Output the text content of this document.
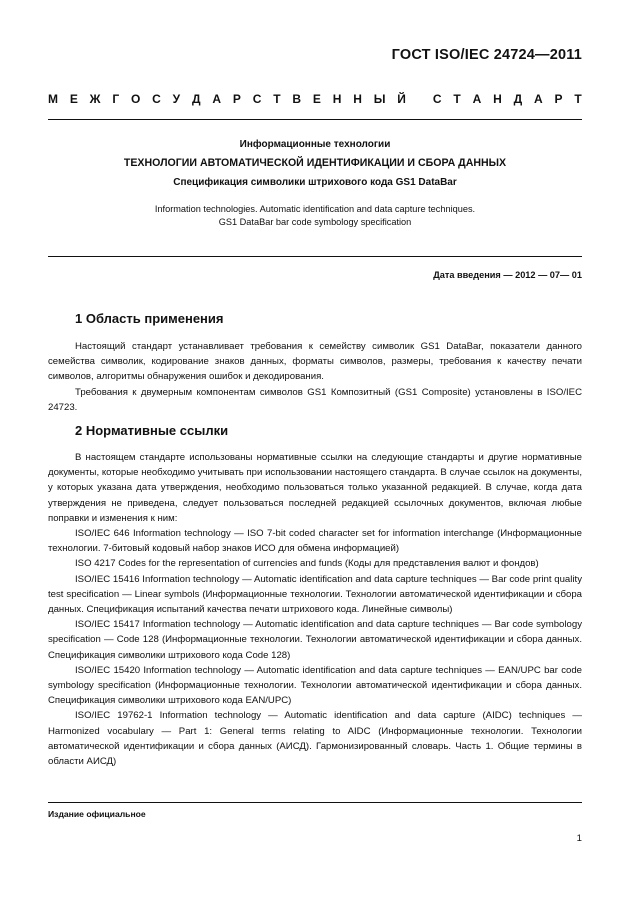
ГОСТ ISO/IEC 24724—2011
М Е Ж Г О С У Д А Р С Т В Е Н Н Ы Й
С Т А Н Д А Р Т
Информационные технологии
ТЕХНОЛОГИИ АВТОМАТИЧЕСКОЙ ИДЕНТИФИКАЦИИ И СБОРА ДАННЫХ
Спецификация символики штрихового кода GS1 DataBar
Information technologies. Automatic identification and data capture techniques.
GS1 DataBar bar code symbology specification
Дата введения — 2012 — 07— 01
1 Область применения

Настоящий стандарт устанавливает требования к семейству символик GS1 DataBar, показатели данного семейства символик, кодирование знаков данных, форматы символов, размеры, требования к качеству печати символов, алгоритмы обнаружения ошибок и декодирования.

Требования к двумерным компонентам символов GS1 Композитный (GS1 Composite) установлены в ISO/IEC 24723.

2 Нормативные ссылки

В настоящем стандарте использованы нормативные ссылки на следующие стандарты и другие нормативные документы, которые необходимо учитывать при использовании настоящего стандарта. В случае ссылок на документы, у которых указана дата утверждения, необходимо пользоваться только указанной редакцией. В случае, когда дата утверждения не приведена, следует пользоваться последней редакцией ссылочных документов, включая любые поправки и изменения к ним:

ISO/IEC 646 Information technology — ISO 7-bit coded character set for information interchange (Информационные технологии. 7-битовый кодовый набор знаков ИСО для обмена информацией)

ISO 4217 Codes for the representation of currencies and funds (Коды для представления валют и фондов)

ISO/IEC 15416 Information technology — Automatic identification and data capture techniques — Bar code print quality test specification — Linear symbols (Информационные технологии. Технологии автоматической идентификации и сбора данных. Спецификация испытаний качества печати штрихового кода. Линейные символы)

ISO/IEC 15417 Information technology — Automatic identification and data capture techniques — Bar code symbology specification — Code 128 (Информационные технологии. Технологии автоматической идентификации и сбора данных. Спецификация символики штрихового кода Code 128)

ISO/IEC 15420 Information technology — Automatic identification and data capture techniques — EAN/UPC bar code symbology specification (Информационные технологии. Технологии автоматической идентификации и сбора данных. Спецификация символики штрихового кода EAN/UPC)

ISO/IEC 19762-1 Information technology — Automatic identification and data capture (AIDC) techniques — Harmonized vocabulary — Part 1: General terms relating to AIDC (Информационные технологии. Технологии автоматической идентификации и сбора данных (АИСД). Гармонизированный словарь. Часть 1. Общие термины в области АИСД)

Издание официальное
1
